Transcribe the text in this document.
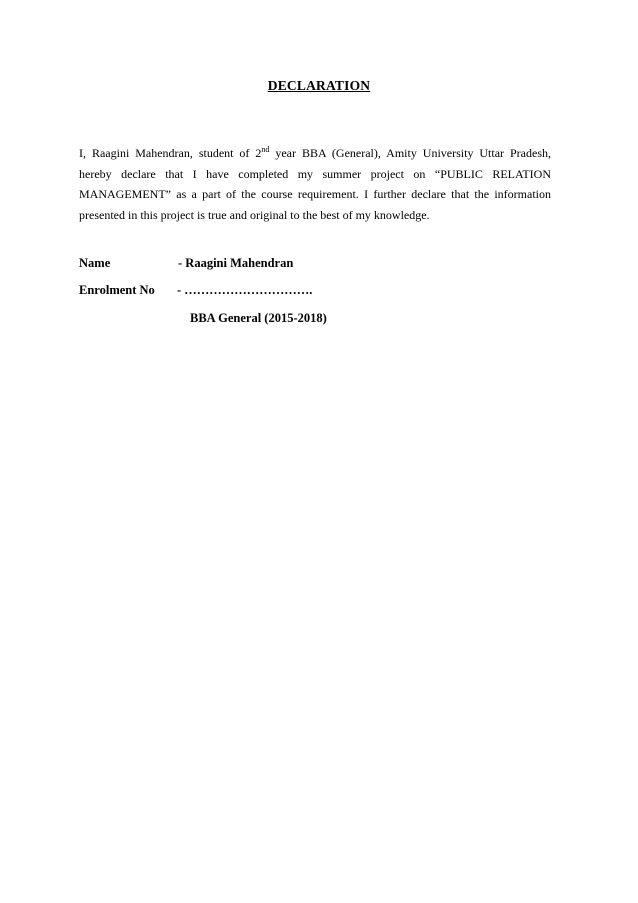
DECLARATION

I, Raagini Mahendran, student of 2nd year BBA (General), Amity University Uttar Pradesh, hereby declare that I have completed my summer project on “PUBLIC RELATION MANAGEMENT” as a part of the course requirement. I further declare that the information presented in this project is true and original to the best of my knowledge.

Name	- Raagini Mahendran
Enrolment No - ………………………….
BBA General (2015-2018)
